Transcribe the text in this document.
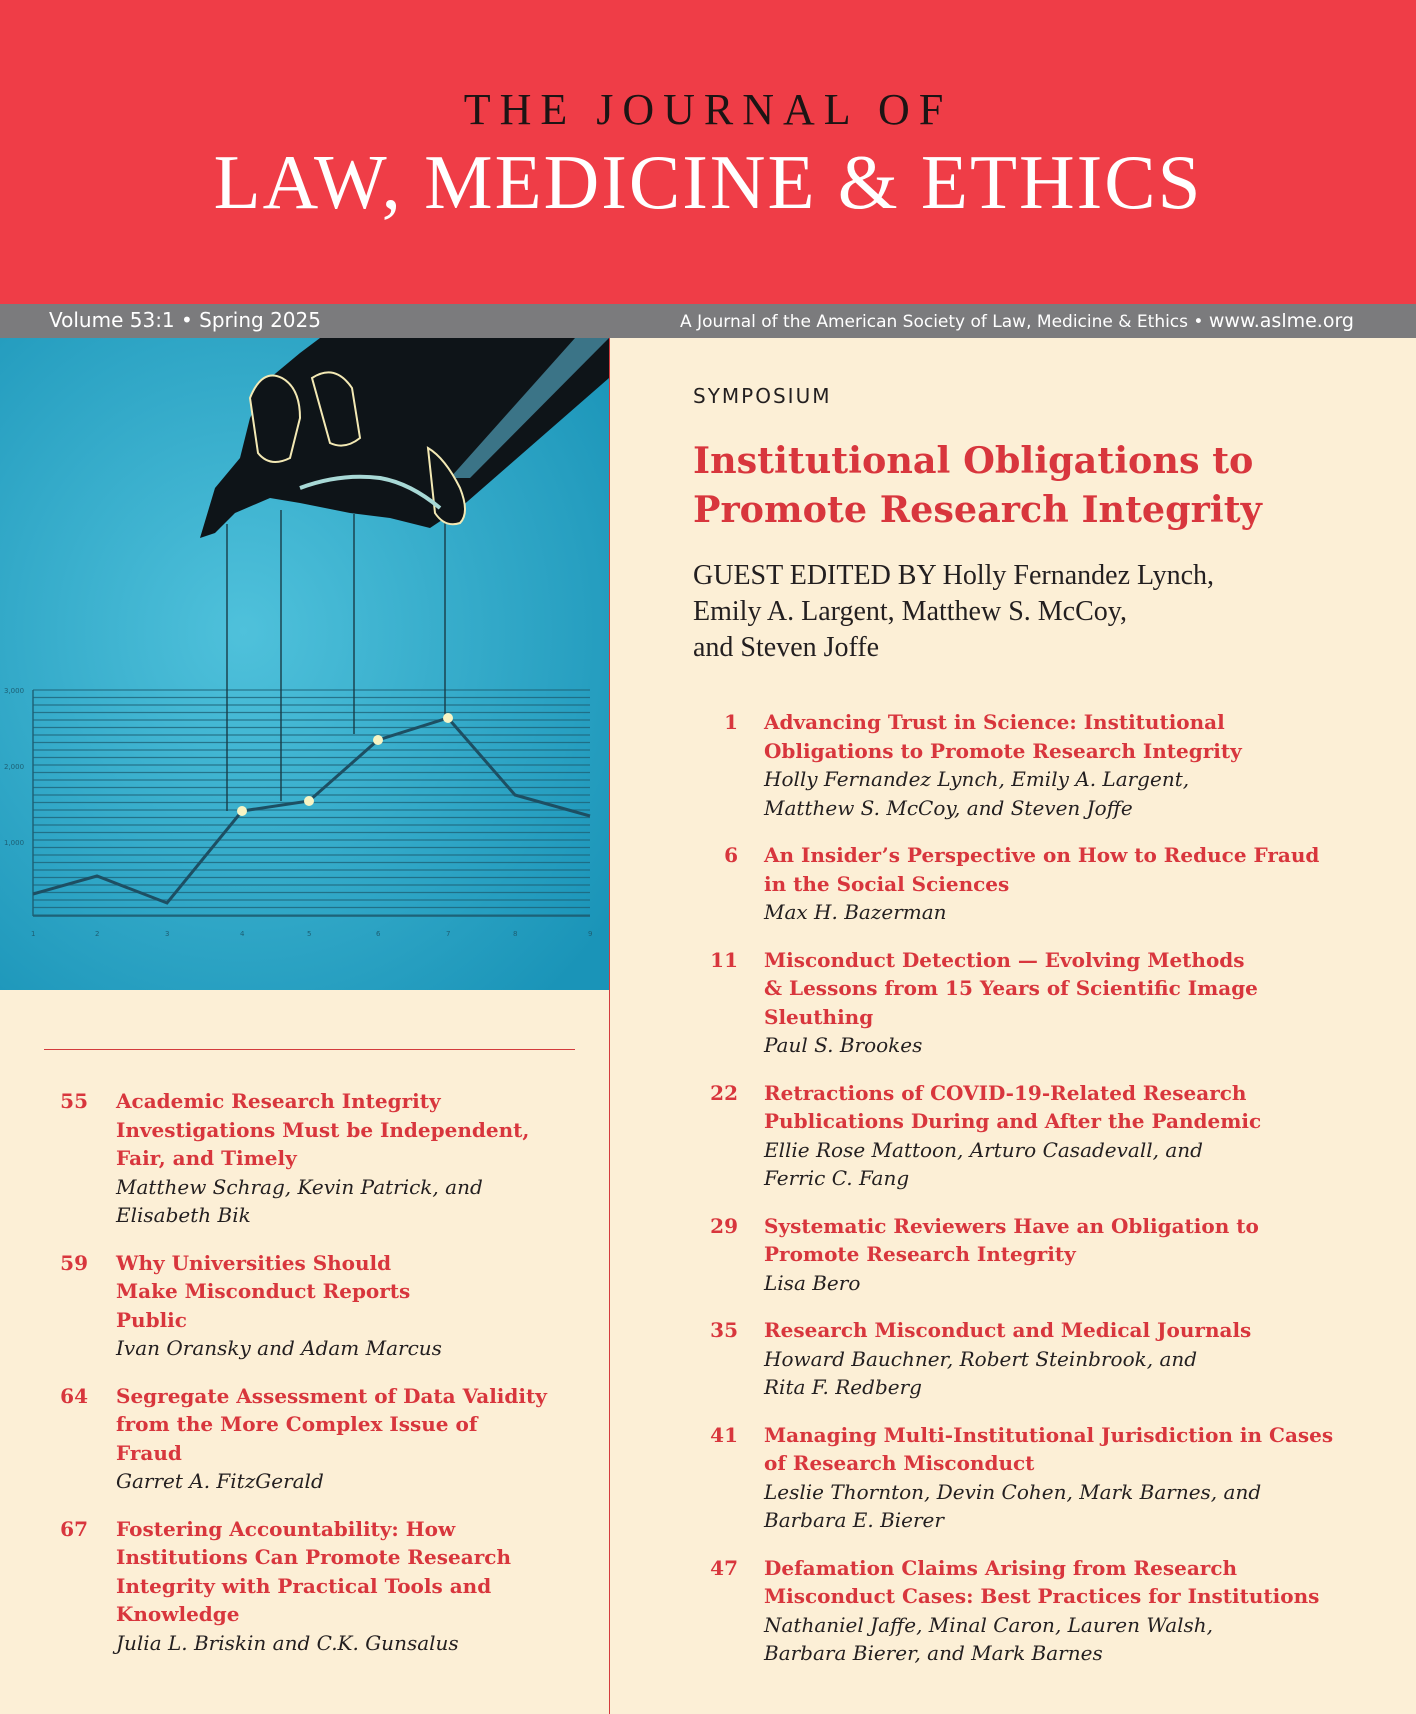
THE JOURNAL OF
LAW, MEDICINE & ETHICS
Volume 53:1 • Spring 2025	A Journal of the American Society of Law, Medicine & Ethics • www.aslme.org
3,000
2,000
1,000
1	2	3	4	5	6	7	8	9
SYMPOSIUM
Institutional Obligations to
Promote Research Integrity
GUEST EDITED BY Holly Fernandez Lynch,
Emily A. Largent, Matthew S. McCoy,
and Steven Joffe
1 Advancing Trust in Science: Institutional
Obligations to Promote Research Integrity
Holly Fernandez Lynch, Emily A. Largent,
Matthew S. McCoy, and Steven Joffe
6 An Insider’s Perspective on How to Reduce Fraud
in the Social Sciences
Max H. Bazerman
11 Misconduct Detection — Evolving Methods
& Lessons from 15 Years of Scientific Image
Sleuthing
Paul S. Brookes
22 Retractions of COVID-19-Related Research
Publications During and After the Pandemic
Ellie Rose Mattoon, Arturo Casadevall, and
Ferric C. Fang
29 Systematic Reviewers Have an Obligation to
Promote Research Integrity
Lisa Bero
35 Research Misconduct and Medical Journals
Howard Bauchner, Robert Steinbrook, and
Rita F. Redberg
41 Managing Multi-Institutional Jurisdiction in Cases
of Research Misconduct
Leslie Thornton, Devin Cohen, Mark Barnes, and
Barbara E. Bierer
47 Defamation Claims Arising from Research
Misconduct Cases: Best Practices for Institutions
Nathaniel Jaffe, Minal Caron, Lauren Walsh,
Barbara Bierer, and Mark Barnes
55 Academic Research Integrity
Investigations Must be Independent,
Fair, and Timely
Matthew Schrag, Kevin Patrick, and
Elisabeth Bik
59 Why Universities Should
Make Misconduct Reports
Public
Ivan Oransky and Adam Marcus
64 Segregate Assessment of Data Validity
from the More Complex Issue of
Fraud
Garret A. FitzGerald
67 Fostering Accountability: How
Institutions Can Promote Research
Integrity with Practical Tools and
Knowledge
Julia L. Briskin and C.K. Gunsalus
